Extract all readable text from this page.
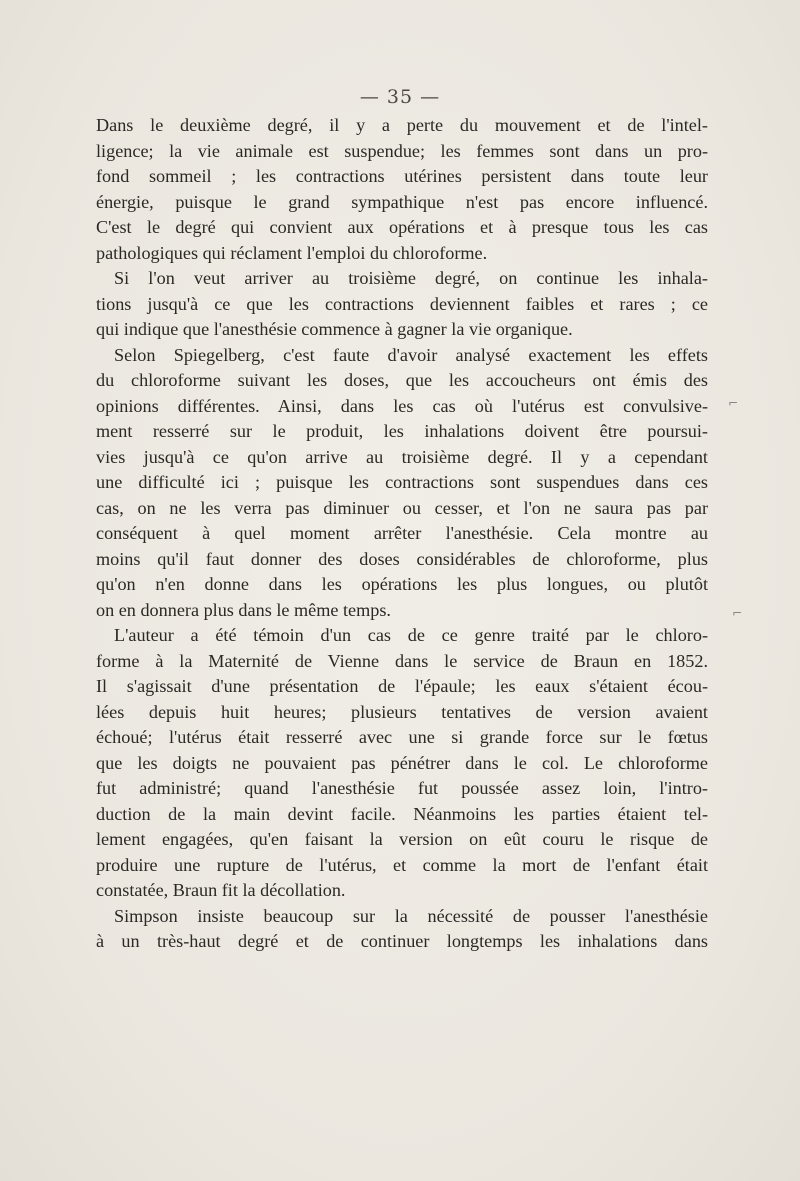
— 35 —
Dans le deuxième degré, il y a perte du mouvement et de l'intel-
ligence; la vie animale est suspendue; les femmes sont dans un pro-
fond sommeil ; les contractions utérines persistent dans toute leur
énergie, puisque le grand sympathique n'est pas encore influencé.
C'est le degré qui convient aux opérations et à presque tous les cas
pathologiques qui réclament l'emploi du chloroforme.
Si l'on veut arriver au troisième degré, on continue les inhala-
tions jusqu'à ce que les contractions deviennent faibles et rares ; ce
qui indique que l'anesthésie commence à gagner la vie organique.
Selon Spiegelberg, c'est faute d'avoir analysé exactement les effets
du chloroforme suivant les doses, que les accoucheurs ont émis des
opinions différentes. Ainsi, dans les cas où l'utérus est convulsive-
ment resserré sur le produit, les inhalations doivent être poursui-
vies jusqu'à ce qu'on arrive au troisième degré. Il y a cependant
une difficulté ici ; puisque les contractions sont suspendues dans ces
cas, on ne les verra pas diminuer ou cesser, et l'on ne saura pas par
conséquent à quel moment arrêter l'anesthésie. Cela montre au
moins qu'il faut donner des doses considérables de chloroforme, plus
qu'on n'en donne dans les opérations les plus longues, ou plutôt
on en donnera plus dans le même temps.
L'auteur a été témoin d'un cas de ce genre traité par le chloro-
forme à la Maternité de Vienne dans le service de Braun en 1852.
Il s'agissait d'une présentation de l'épaule; les eaux s'étaient écou-
lées depuis huit heures; plusieurs tentatives de version avaient
échoué; l'utérus était resserré avec une si grande force sur le fœtus
que les doigts ne pouvaient pas pénétrer dans le col. Le chloroforme
fut administré; quand l'anesthésie fut poussée assez loin, l'intro-
duction de la main devint facile. Néanmoins les parties étaient tel-
lement engagées, qu'en faisant la version on eût couru le risque de
produire une rupture de l'utérus, et comme la mort de l'enfant était
constatée, Braun fit la décollation.
Simpson insiste beaucoup sur la nécessité de pousser l'anesthésie
à un très-haut degré et de continuer longtemps les inhalations dans
⌐
⌐
